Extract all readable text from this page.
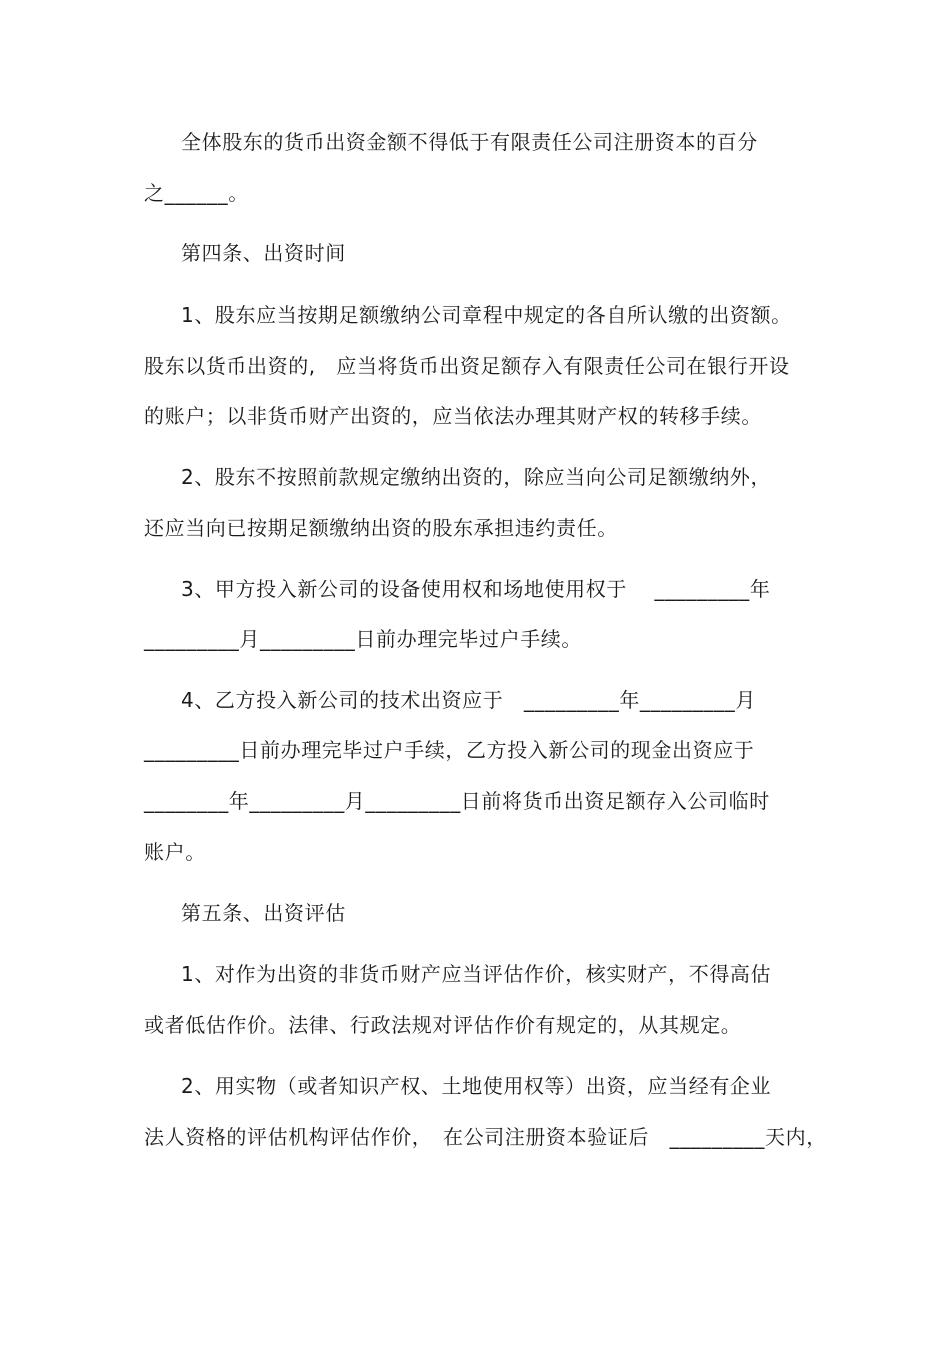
全体股东的货币出资金额不得低于有限责任公司注册资本的百分
之______。
第四条、出资时间
1、股东应当按期足额缴纳公司章程中规定的各自所认缴的出资额。
股东以货币出资的,　应当将货币出资足额存入有限责任公司在银行开设
的账户；以非货币财产出资的，应当依法办理其财产权的转移手续。
2、股东不按照前款规定缴纳出资的，除应当向公司足额缴纳外，
还应当向已按期足额缴纳出资的股东承担违约责任。
3、甲方投入新公司的设备使用权和场地使用权于　 _________年
_________月_________日前办理完毕过户手续。
4、乙方投入新公司的技术出资应于　_________年_________月
_________日前办理完毕过户手续，乙方投入新公司的现金出资应于
________年_________月_________日前将货币出资足额存入公司临时
账户。
第五条、出资评估
1、对作为出资的非货币财产应当评估作价，核实财产，不得高估
或者低估作价。法律、行政法规对评估作价有规定的，从其规定。
2、用实物（或者知识产权、土地使用权等）出资，应当经有企业
法人资格的评估机构评估作价，　在公司注册资本验证后　_________天内，
